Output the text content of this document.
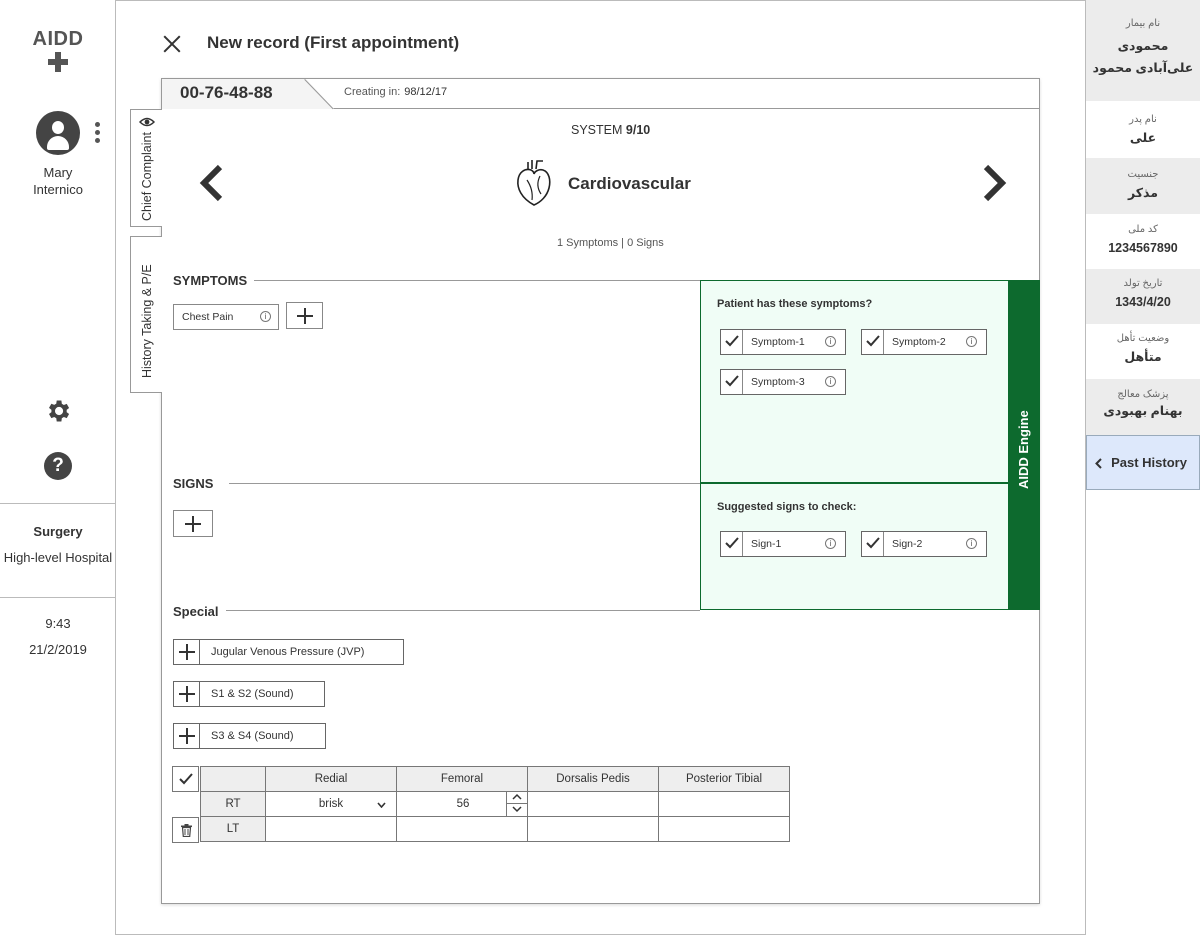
AIDD
Mary
Internico
?
Surgery
High-level Hospital
9:43
21/2/2019
New record (First appointment)
00-76-48-88	Creating in: 98/12/17
Chief Complaint
History Taking & P/E
SYSTEM 9/10
Cardiovascular
1 Symptoms | 0 Signs
SYMPTOMS
Chest Pain	i
SIGNS	AIDD Engine
Patient has these symptoms?
Symptom-1	i	Symptom-2	i
Symptom-3	i
Suggested signs to check:
Sign-1	i	Sign-2	i
Special
Jugular Venous Pressure (JVP)
S1 & S2 (Sound)
S3 & S4 (Sound)
	Redial	Femoral	Dorsalis Pedis	Posterior Tibial
RT	brisk	56		
LT				
نام بیمار
محمودی علی‌آبادی محمود
نام پدر
علی
جنسیت
مذکر
کد ملی
1234567890
تاریخ تولد
1343/4/20
وضعیت تأهل
متأهل
پزشک معالج
بهنام بهبودی
Past History
